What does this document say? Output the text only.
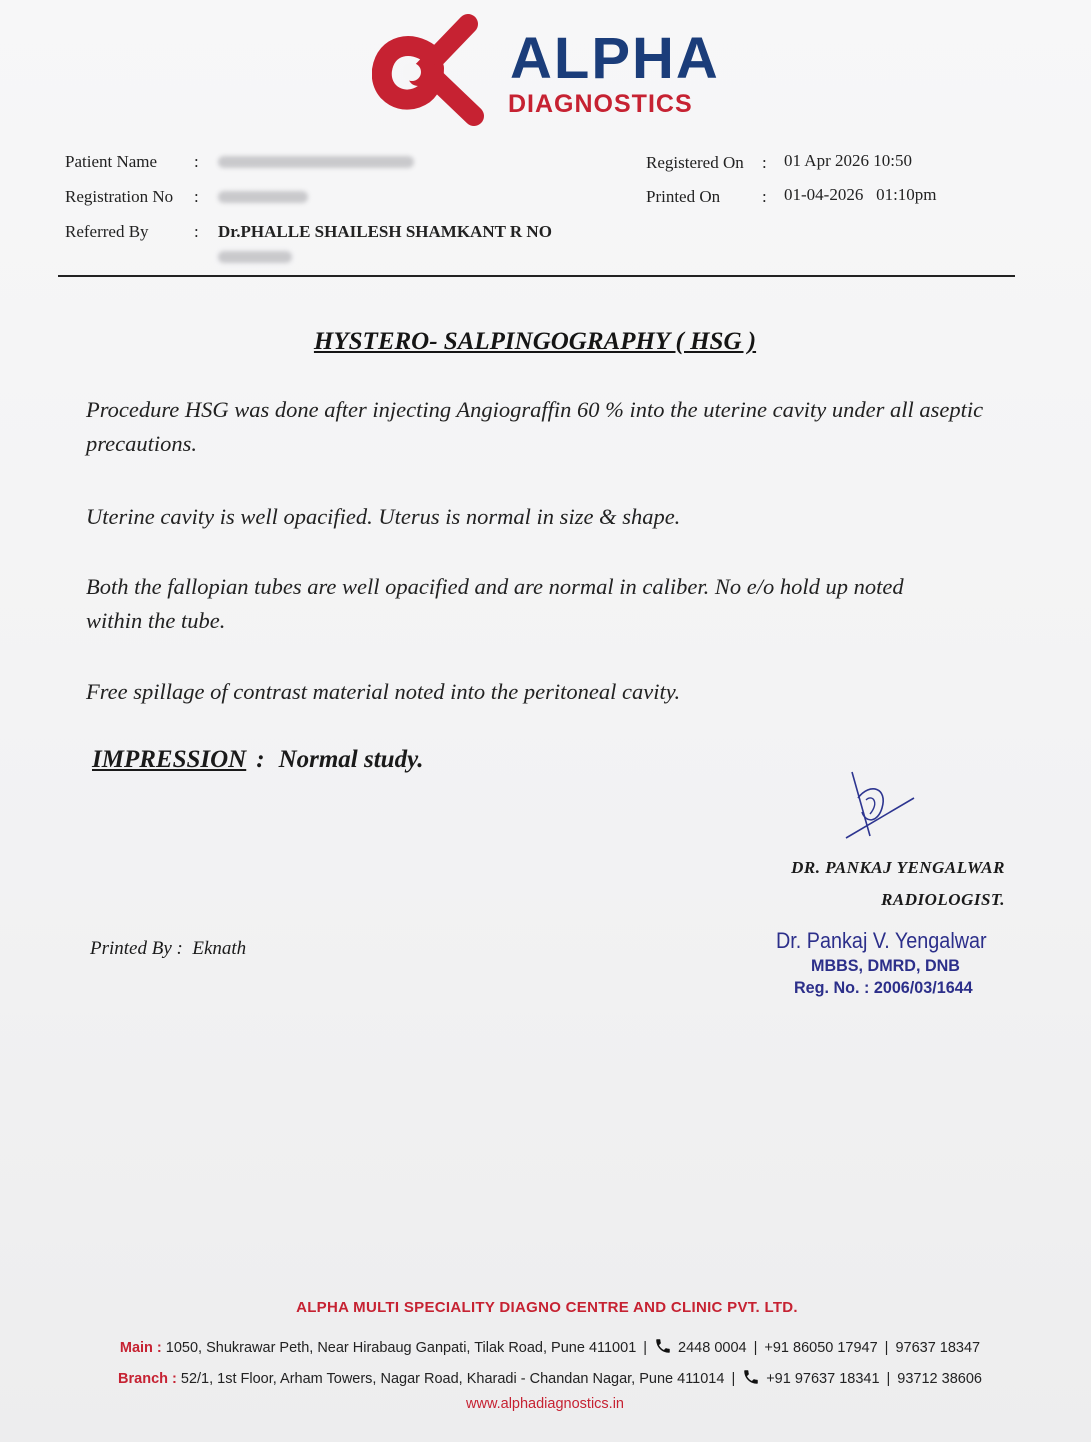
ALPHA
DIAGNOSTICS
Patient Name :
Registration No :
Referred By	: Dr.PHALLE SHAILESH SHAMKANT R NO
Registered On : 01 Apr 2026 10:50
Printed On : 01-04-2026   01:10pm
HYSTERO- SALPINGOGRAPHY ( HSG )
Procedure HSG was done after injecting Angiograffin 60 % into the uterine cavity under all aseptic precautions.
Uterine cavity is well opacified. Uterus is normal in size & shape.
Both the fallopian tubes are well opacified and are normal in caliber. No e/o hold up noted within the tube.
Free spillage of contrast material noted into the peritoneal cavity.
IMPRESSION : Normal study.
DR. PANKAJ YENGALWAR
RADIOLOGIST.
Printed By :  Eknath	Dr. Pankaj V. Yengalwar
MBBS, DMRD, DNB
Reg. No. : 2006/03/1644
ALPHA MULTI SPECIALITY DIAGNO CENTRE AND CLINIC PVT. LTD.
Main : 1050, Shukrawar Peth, Near Hirabaug Ganpati, Tilak Road, Pune 411001 | 2448 0004 | +91 86050 17947 | 97637 18347
Branch : 52/1, 1st Floor, Arham Towers, Nagar Road, Kharadi - Chandan Nagar, Pune 411014 | +91 97637 18341 | 93712 38606
www.alphadiagnostics.in
